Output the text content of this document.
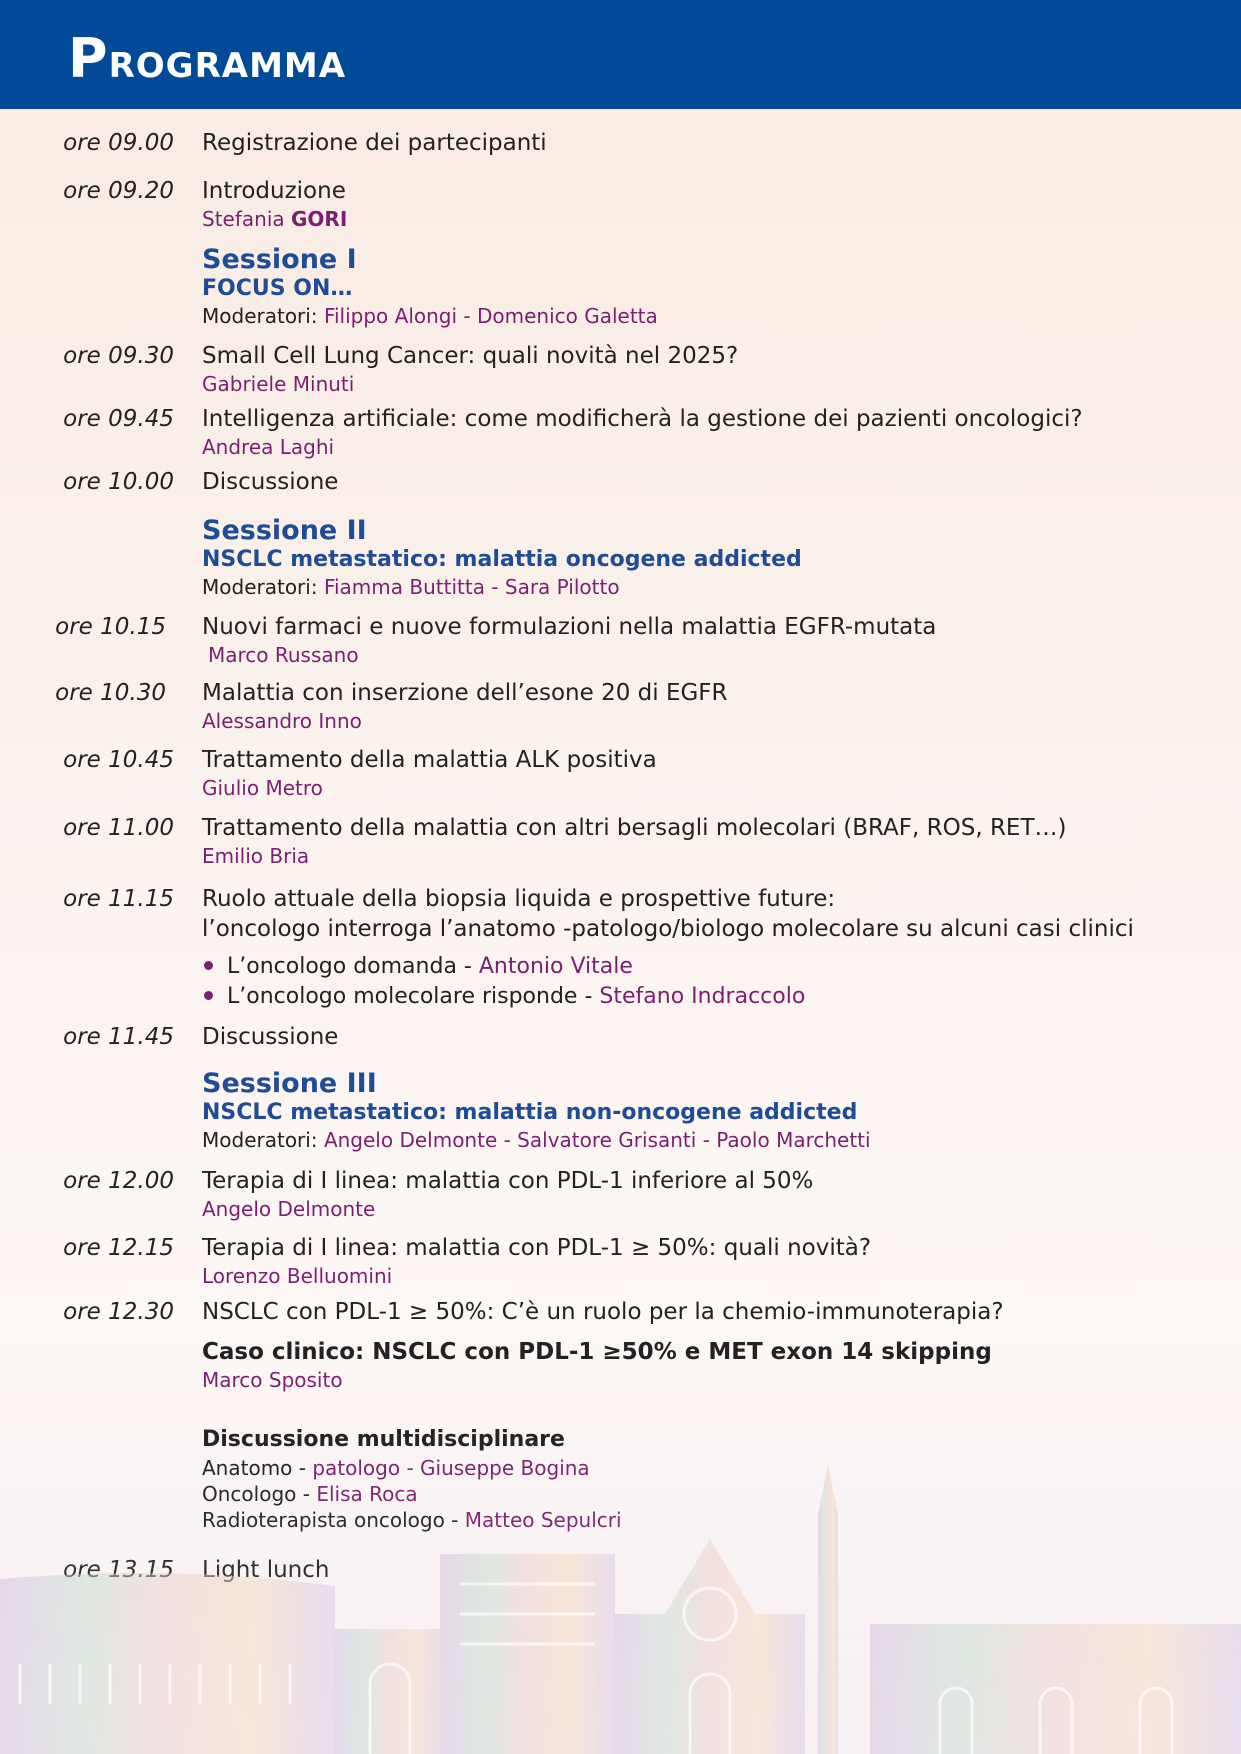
PROGRAMMA
ore 09.00 Registrazione dei partecipanti
ore 09.20 Introduzione
Stefania GORI
Sessione I
FOCUS ON…
Moderatori: Filippo Alongi - Domenico Galetta
ore 09.30 Small Cell Lung Cancer: quali novità nel 2025?
Gabriele Minuti
ore 09.45 Intelligenza artificiale: come modificherà la gestione dei pazienti oncologici?
Andrea Laghi
ore 10.00 Discussione
Sessione II
NSCLC metastatico: malattia oncogene addicted
Moderatori: Fiamma Buttitta - Sara Pilotto
ore 10.15 Nuovi farmaci e nuove formulazioni nella malattia EGFR-mutata
Marco Russano
ore 10.30 Malattia con inserzione dell’esone 20 di EGFR
Alessandro Inno
ore 10.45 Trattamento della malattia ALK positiva
Giulio Metro
ore 11.00 Trattamento della malattia con altri bersagli molecolari (BRAF, ROS, RET…)
Emilio Bria
ore 11.15 Ruolo attuale della biopsia liquida e prospettive future:
l’oncologo interroga l’anatomo -patologo/biologo molecolare su alcuni casi clinici
L’oncologo domanda - Antonio Vitale
L’oncologo molecolare risponde - Stefano Indraccolo
ore 11.45 Discussione
Sessione III
NSCLC metastatico: malattia non-oncogene addicted
Moderatori: Angelo Delmonte - Salvatore Grisanti - Paolo Marchetti
ore 12.00 Terapia di I linea: malattia con PDL-1 inferiore al 50%
Angelo Delmonte
ore 12.15 Terapia di I linea: malattia con PDL-1 ≥ 50%: quali novità?
Lorenzo Belluomini
ore 12.30 NSCLC con PDL-1 ≥ 50%: C’è un ruolo per la chemio-immunoterapia?
Caso clinico: NSCLC con PDL-1 ≥50% e MET exon 14 skipping
Marco Sposito
